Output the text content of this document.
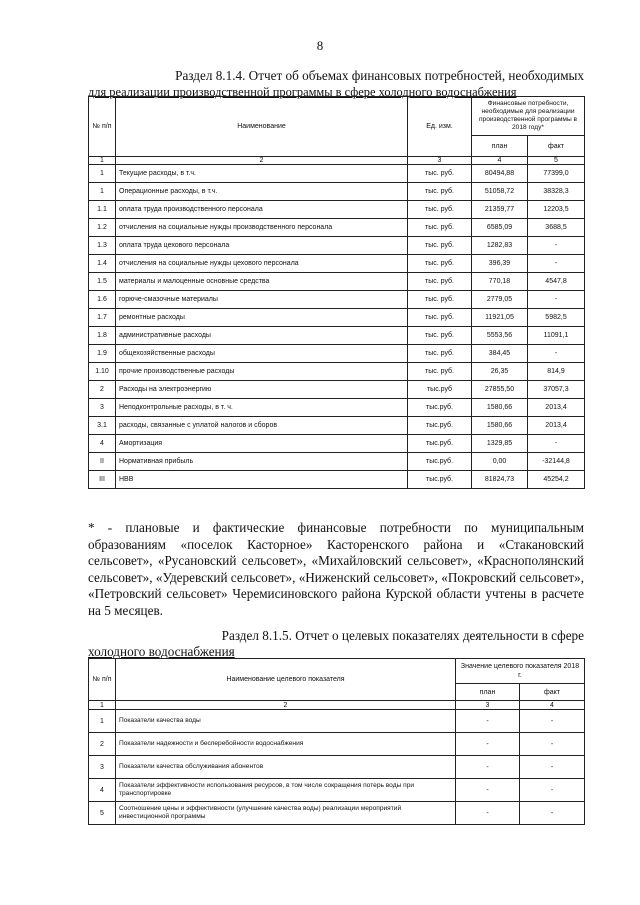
8
Раздел 8.1.4. Отчет об объемах финансовых потребностей, необходимых
для реализации производственной программы в сфере холодного водоснабжения
№ п/п	Наименование	Ед. изм.	Финансовые потребности, необходимые для реализации производственной программы в 2018 году*	
			план	факт
1	2	3	4	5
1	Текущие расходы, в т.ч.	тыс. руб.	80494,88	77399,0
1	Операционные расходы, в т.ч.	тыс. руб.	51058,72	38328,3
1.1	оплата труда производственного персонала	тыс. руб.	21359,77	12203,5
1.2	отчисления на социальные нужды производственного персонала	тыс. руб.	6585,09	3688,5
1.3	оплата труда цехового персонала	тыс. руб.	1282,83	-
1.4	отчисления на социальные нужды цехового персонала	тыс. руб.	396,39	-
1.5	материалы и малоценные основные средства	тыс. руб.	770,18	4547,8
1.6	горюче-смазочные материалы	тыс. руб.	2779,05	-
1.7	ремонтные расходы	тыс. руб.	11921,05	5982,5
1.8	административные расходы	тыс. руб.	5553,56	11091,1
1.9	общехозяйственные расходы	тыс. руб.	384,45	-
1.10	прочие производственные расходы	тыс. руб.	26,35	814,9
2	Расходы на электроэнергию	тыс.руб	27855,50	37057,3
3	Неподконтрольные расходы, в т. ч.	тыс.руб.	1580,66	2013,4
3.1	расходы, связанные с уплатой налогов и сборов	тыс.руб.	1580,66	2013,4
4	Амортизация	тыс.руб.	1329,85	-
II	Нормативная прибыль	тыс.руб.	0,00	-32144,8
III	НВВ	тыс.руб.	81824,73	45254,2
* - плановые и фактические финансовые потребности по муниципальным образованиям «поселок Касторное» Касторенского района и «Стакановский сельсовет», «Русановский сельсовет», «Михайловский сельсовет», «Краснополянский сельсовет», «Удеревский сельсовет», «Ниженский сельсовет», «Покровский сельсовет», «Петровский сельсовет» Черемисиновского района Курской области учтены в расчете на 5 месяцев.
Раздел 8.1.5. Отчет о целевых показателях деятельности в сфере
холодного водоснабжения
№ п/п	Наименование целевого показателя	Значение целевого показателя 2018 г.	
		план	факт
1	2	3	4
1	Показатели качества воды	-	-
2	Показатели надежности и бесперебойности водоснабжения	-	-
3	Показатели качества обслуживания абонентов	-	-
4	Показатели эффективности использования ресурсов, в том числе сокращения потерь воды при транспортировке	-	-
5	Соотношение цены и эффективности (улучшение качества воды) реализации мероприятий инвестиционной программы	-	-
